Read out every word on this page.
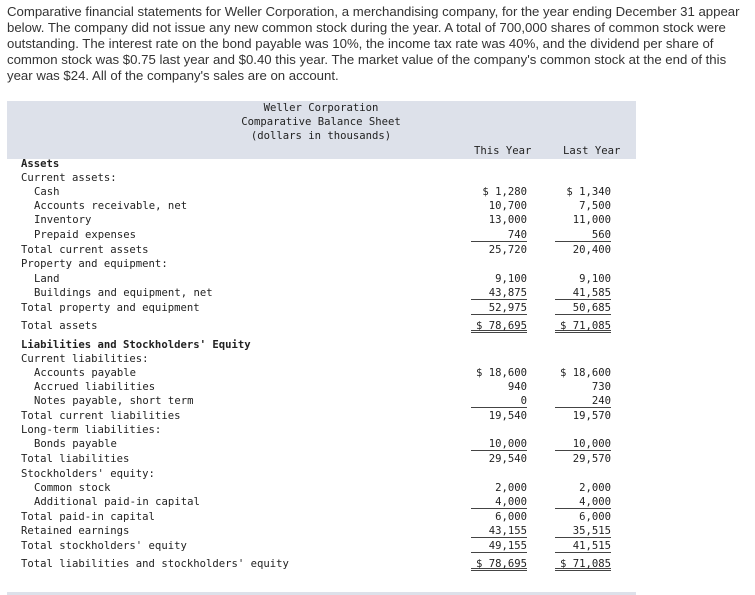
Comparative financial statements for Weller Corporation, a merchandising company, for the year ending December 31 appear below. The company did not issue any new common stock during the year. A total of 700,000 shares of common stock were outstanding. The interest rate on the bond payable was 10%, the income tax rate was 40%, and the dividend per share of common stock was $0.75 last year and $0.40 this year. The market value of the company's common stock at the end of this year was $24. All of the company's sales are on account.

Weller Corporation
Comparative Balance Sheet
(dollars in thousands)
This Year	Last Year
Assets
Current assets:
Cash	$ 1,280	$ 1,340
Accounts receivable, net	10,700	7,500
Inventory	13,000	11,000
Prepaid expenses	740	560
Total current assets	25,720	20,400
Property and equipment:
Land	9,100	9,100
Buildings and equipment, net	43,875	41,585
Total property and equipment	52,975	50,685
Total assets	$ 78,695	$ 71,085
Liabilities and Stockholders' Equity
Current liabilities:
Accounts payable	$ 18,600	$ 18,600
Accrued liabilities	940	730
Notes payable, short term	0	240
Total current liabilities	19,540	19,570
Long-term liabilities:
Bonds payable	10,000	10,000
Total liabilities	29,540	29,570
Stockholders' equity:
Common stock	2,000	2,000
Additional paid-in capital	4,000	4,000
Total paid-in capital	6,000	6,000
Retained earnings	43,155	35,515
Total stockholders' equity	49,155	41,515
Total liabilities and stockholders' equity	$ 78,695	$ 71,085
